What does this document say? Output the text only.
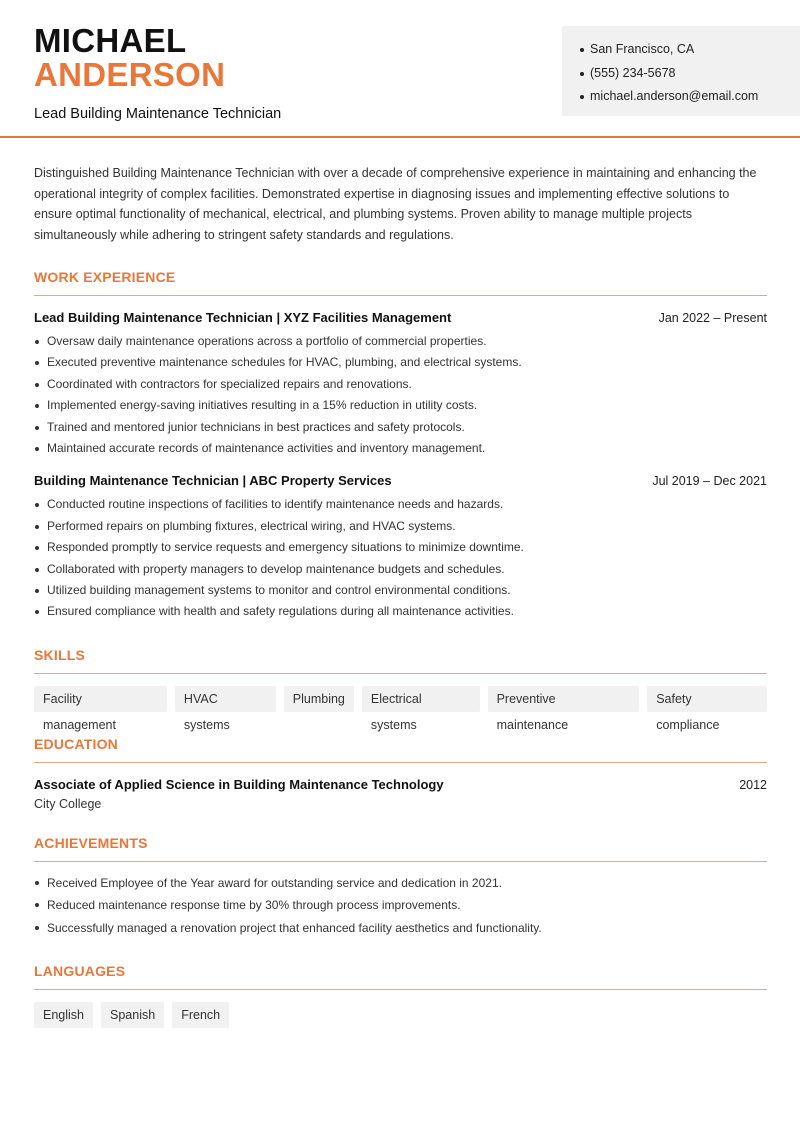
MICHAEL
ANDERSON
Lead Building Maintenance Technician
San Francisco, CA
(555) 234-5678
michael.anderson@email.com

Distinguished Building Maintenance Technician with over a decade of comprehensive experience in maintaining and enhancing the operational integrity of complex facilities. Demonstrated expertise in diagnosing issues and implementing effective solutions to ensure optimal functionality of mechanical, electrical, and plumbing systems. Proven ability to manage multiple projects simultaneously while adhering to stringent safety standards and regulations.

WORK EXPERIENCE
Lead Building Maintenance Technician | XYZ Facilities Management	Jan 2022 – Present
Oversaw daily maintenance operations across a portfolio of commercial properties.
Executed preventive maintenance schedules for HVAC, plumbing, and electrical systems.
Coordinated with contractors for specialized repairs and renovations.
Implemented energy-saving initiatives resulting in a 15% reduction in utility costs.
Trained and mentored junior technicians in best practices and safety protocols.
Maintained accurate records of maintenance activities and inventory management.
Building Maintenance Technician | ABC Property Services	Jul 2019 – Dec 2021
Conducted routine inspections of facilities to identify maintenance needs and hazards.
Performed repairs on plumbing fixtures, electrical wiring, and HVAC systems.
Responded promptly to service requests and emergency situations to minimize downtime.
Collaborated with property managers to develop maintenance budgets and schedules.
Utilized building management systems to monitor and control environmental conditions.
Ensured compliance with health and safety regulations during all maintenance activities.
SKILLS
Facility management
HVAC systems
Plumbing	Electrical systems
Preventive maintenance
Safety compliance
EDUCATION
Associate of Applied Science in Building Maintenance Technology	2012
City College
ACHIEVEMENTS
Received Employee of the Year award for outstanding service and dedication in 2021.
Reduced maintenance response time by 30% through process improvements.
Successfully managed a renovation project that enhanced facility aesthetics and functionality.
LANGUAGES
English	Spanish	French
